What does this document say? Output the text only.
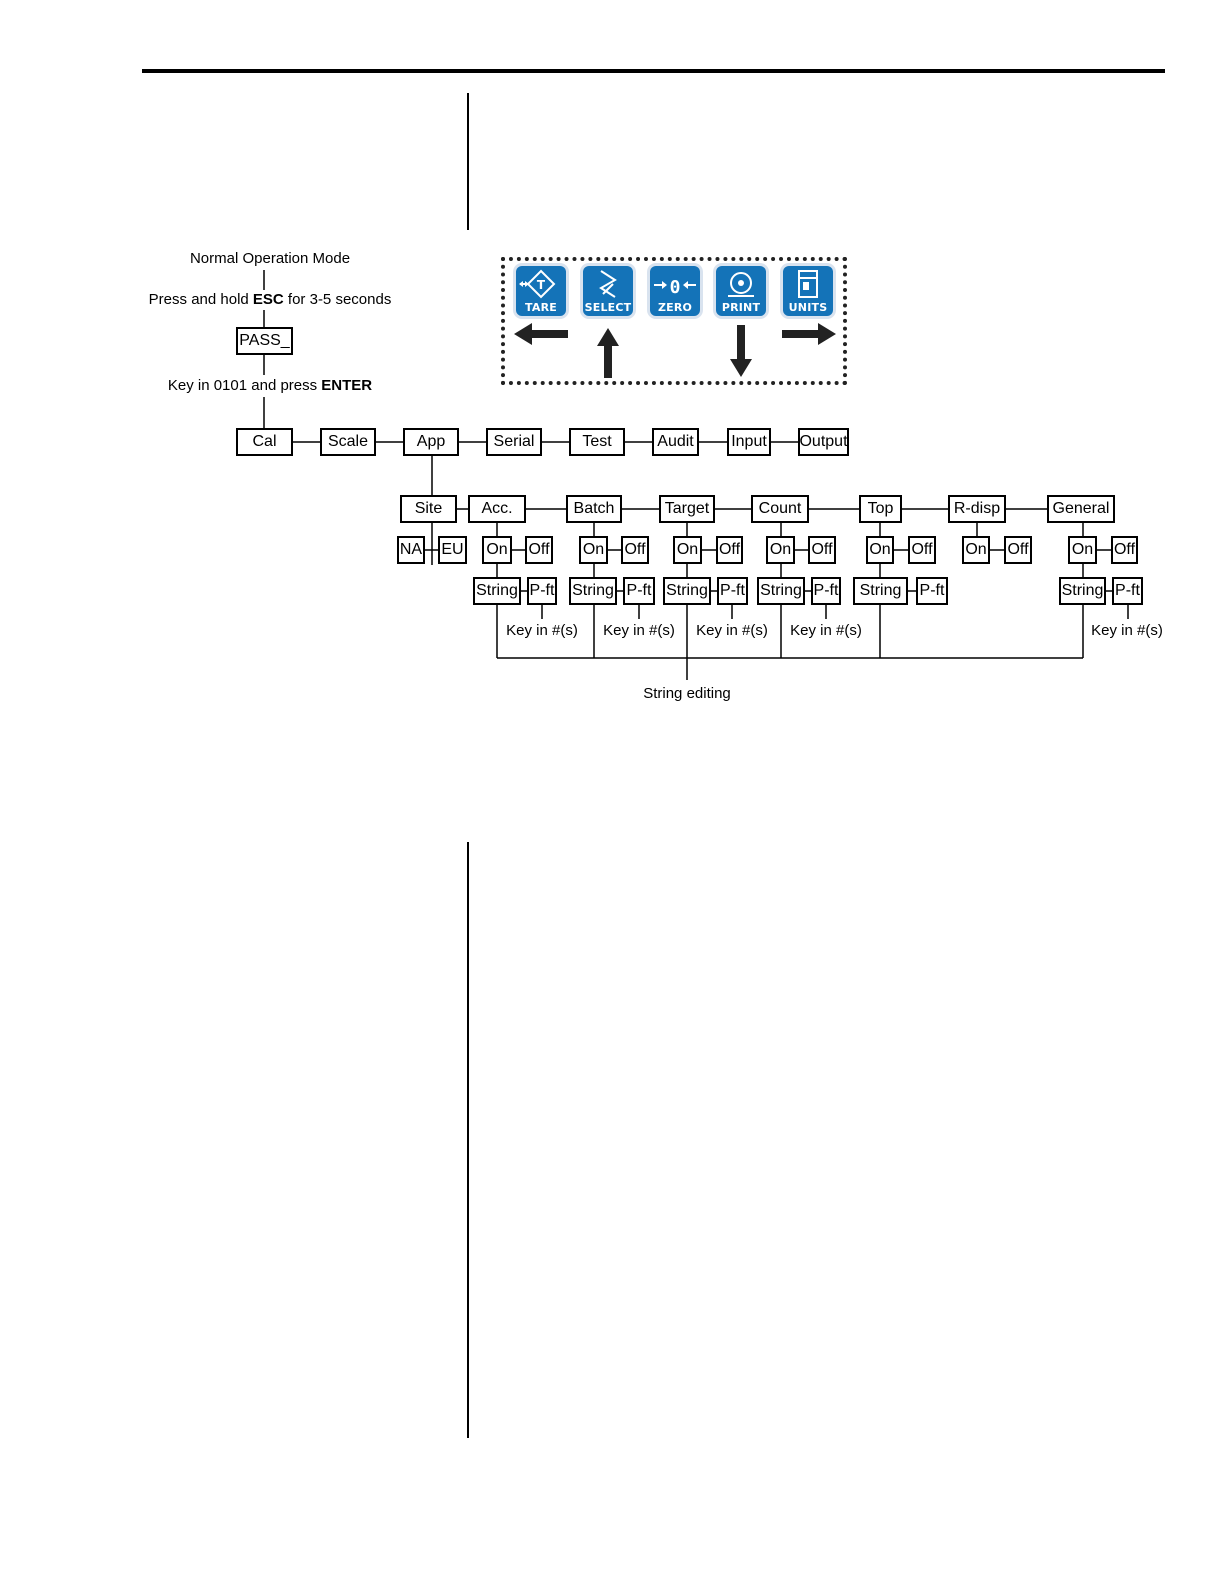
Normal Operation Mode
Press and hold ESC for 3-5 seconds
PASS_
Key in 0101 and press ENTER
T
TARE	SELECT
0
ZERO	PRINT	UNITS
Cal	Scale	App	Serial	Test	Audit	Input Output
Site	Acc.	Batch	Target	Count	Top	R-disp	General
NA EU On Off On Off On Off On Off On Off On Off	On Off
String P-ft String P-ft String P-ft String P-ft	String	P-ft	String P-ft
Key in #(s) Key in #(s) Key in #(s) Key in #(s)	Key in #(s)
String editing
